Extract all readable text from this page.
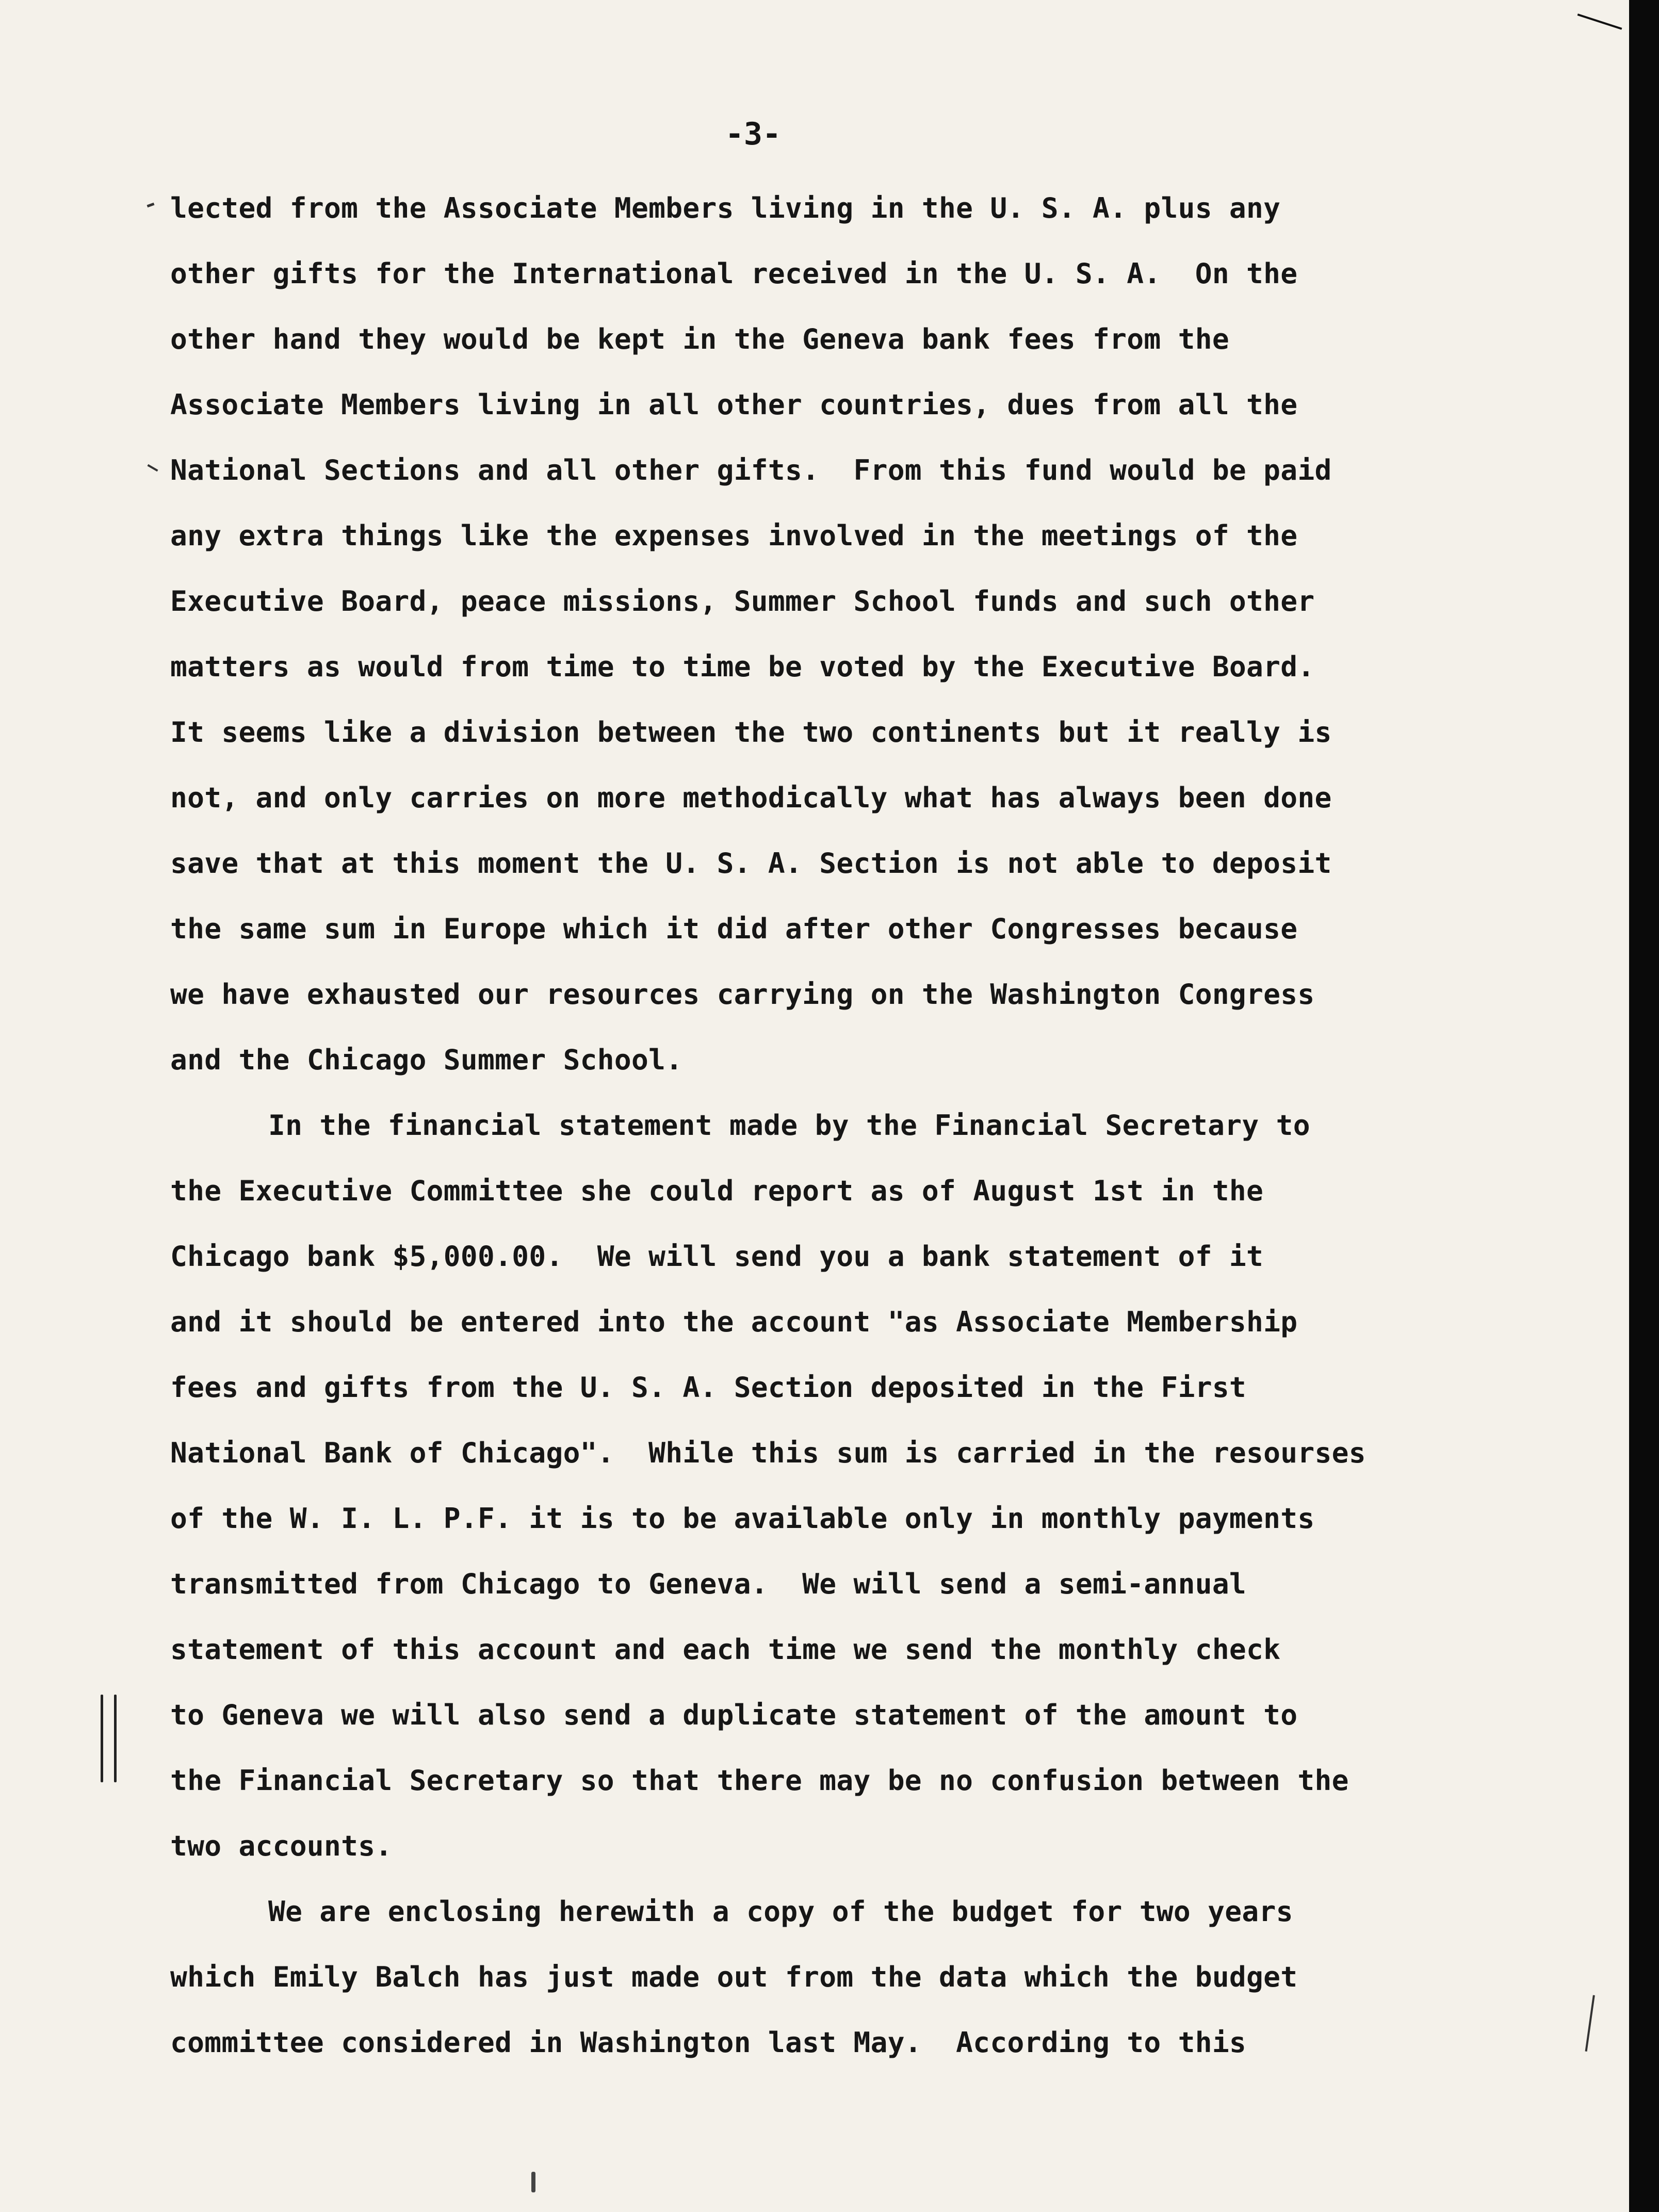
-3-

lected from the Associate Members living in the U. S. A. plus any
other gifts for the International received in the U. S. A.  On the
other hand they would be kept in the Geneva bank fees from the
Associate Members living in all other countries, dues from all the
National Sections and all other gifts.  From this fund would be paid
any extra things like the expenses involved in the meetings of the
Executive Board, peace missions, Summer School funds and such other
matters as would from time to time be voted by the Executive Board.
It seems like a division between the two continents but it really is
not, and only carries on more methodically what has always been done
save that at this moment the U. S. A. Section is not able to deposit
the same sum in Europe which it did after other Congresses because
we have exhausted our resources carrying on the Washington Congress
and the Chicago Summer School.

In the financial statement made by the Financial Secretary to
the Executive Committee she could report as of August 1st in the
Chicago bank $5,000.00.  We will send you a bank statement of it
and it should be entered into the account "as Associate Membership
fees and gifts from the U. S. A. Section deposited in the First
National Bank of Chicago".  While this sum is carried in the resourses
of the W. I. L. P.F. it is to be available only in monthly payments
transmitted from Chicago to Geneva.  We will send a semi-annual
statement of this account and each time we send the monthly check
to Geneva we will also send a duplicate statement of the amount to
the Financial Secretary so that there may be no confusion between the
two accounts.

We are enclosing herewith a copy of the budget for two years
which Emily Balch has just made out from the data which the budget
committee considered in Washington last May.  According to this
